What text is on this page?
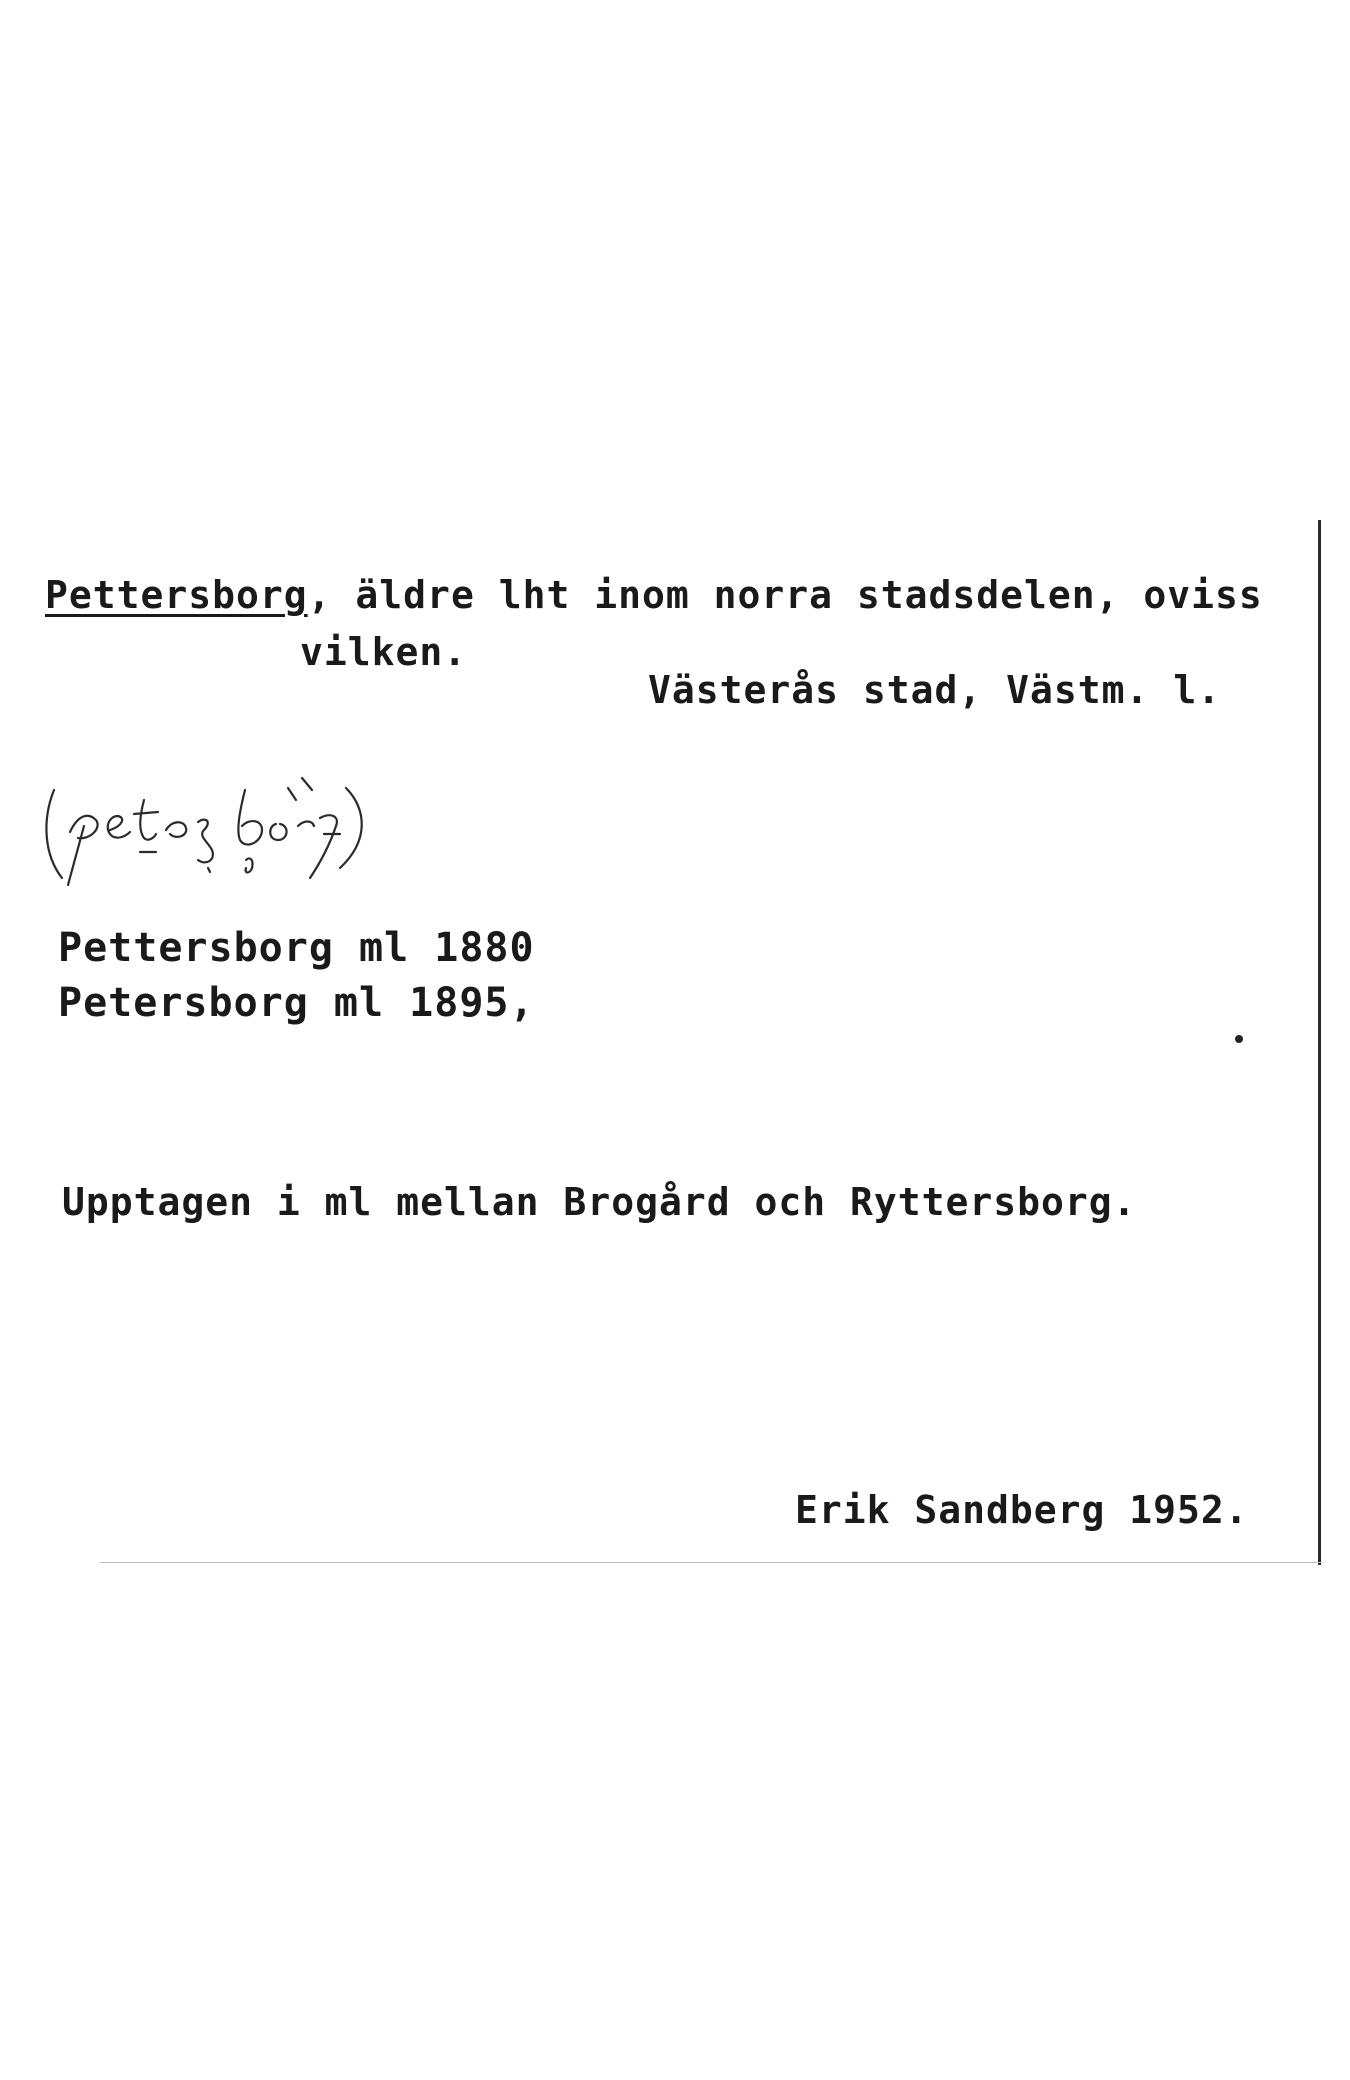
Pettersborg, äldre lht inom norra stadsdelen, oviss
vilken.
Västerås stad, Västm. l.
Pettersborg ml 1880
Petersborg ml 1895,
Upptagen i ml mellan Brogård och Ryttersborg.
Erik Sandberg 1952.
